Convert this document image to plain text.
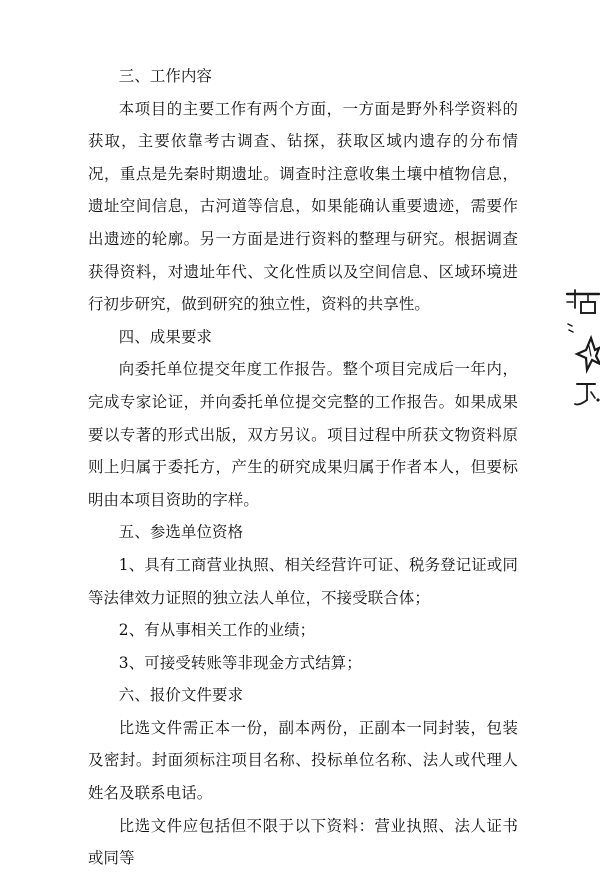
三、工作内容

本项目的主要工作有两个方面，一方面是野外科学资料的获取，主要依靠考古调查、钻探，获取区域内遗存的分布情况，重点是先秦时期遗址。调查时注意收集土壤中植物信息，遗址空间信息，古河道等信息，如果能确认重要遗迹，需要作出遗迹的轮廓。另一方面是进行资料的整理与研究。根据调查获得资料，对遗址年代、文化性质以及空间信息、区域环境进行初步研究，做到研究的独立性，资料的共享性。

四、成果要求

向委托单位提交年度工作报告。整个项目完成后一年内，完成专家论证，并向委托单位提交完整的工作报告。如果成果要以专著的形式出版，双方另议。项目过程中所获文物资料原则上归属于委托方，产生的研究成果归属于作者本人，但要标明由本项目资助的字样。

五、参选单位资格

1、具有工商营业执照、相关经营许可证、税务登记证或同等法律效力证照的独立法人单位，不接受联合体；

2、有从事相关工作的业绩；

3、可接受转账等非现金方式结算；

六、报价文件要求

比选文件需正本一份，副本两份，正副本一同封装，包装及密封。封面须标注项目名称、投标单位名称、法人或代理人姓名及联系电话。

比选文件应包括但不限于以下资料：营业执照、法人证书或同等
